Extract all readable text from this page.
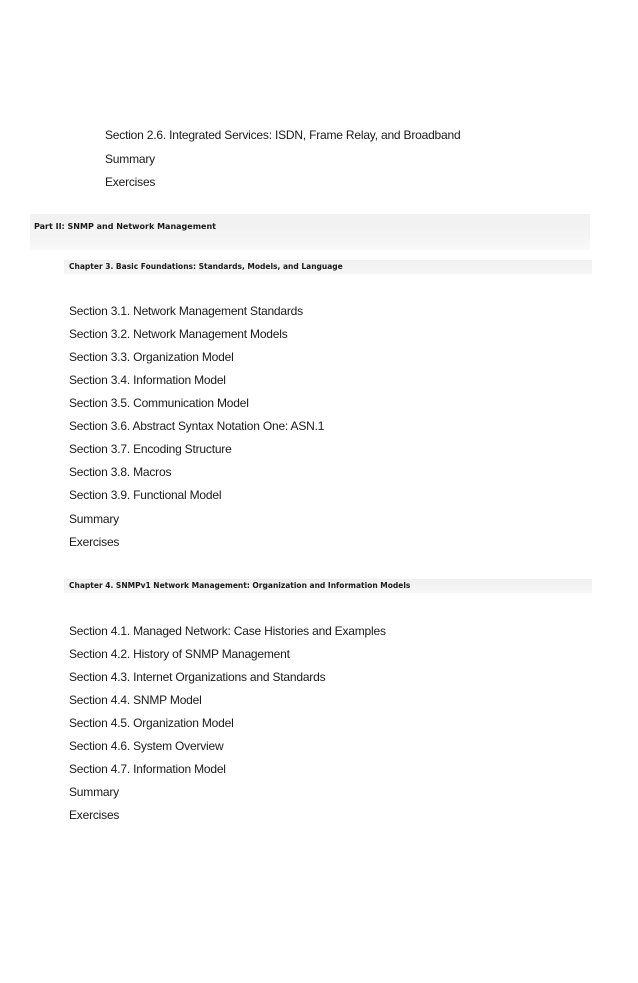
Section 2.6. Integrated Services: ISDN, Frame Relay, and Broadband
Summary
Exercises
Part II: SNMP and Network Management
Chapter 3. Basic Foundations: Standards, Models, and Language
Section 3.1. Network Management Standards
Section 3.2. Network Management Models
Section 3.3. Organization Model
Section 3.4. Information Model
Section 3.5. Communication Model
Section 3.6. Abstract Syntax Notation One: ASN.1
Section 3.7. Encoding Structure
Section 3.8. Macros
Section 3.9. Functional Model
Summary
Exercises
Chapter 4. SNMPv1 Network Management: Organization and Information Models
Section 4.1. Managed Network: Case Histories and Examples
Section 4.2. History of SNMP Management
Section 4.3. Internet Organizations and Standards
Section 4.4. SNMP Model
Section 4.5. Organization Model
Section 4.6. System Overview
Section 4.7. Information Model
Summary
Exercises
